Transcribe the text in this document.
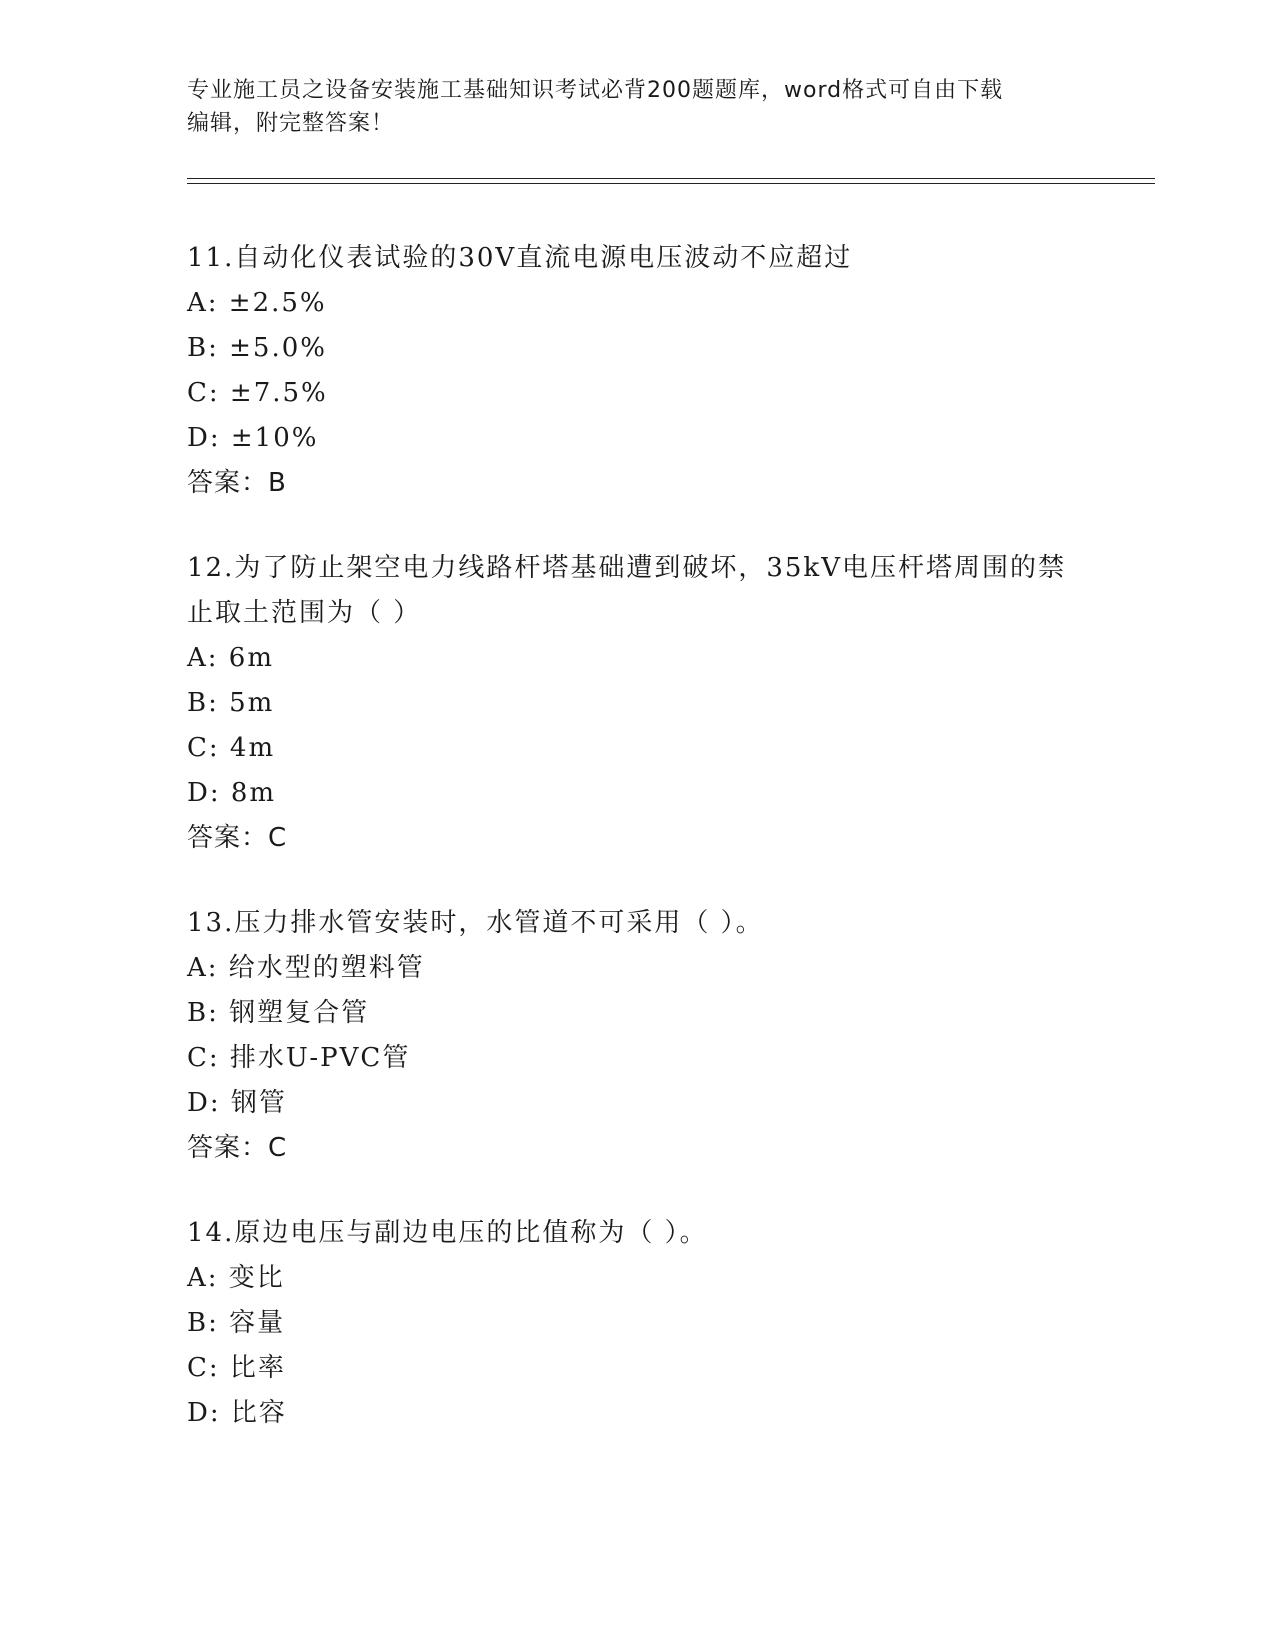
专业施工员之设备安装施工基础知识考试必背200题题库，word格式可自由下载
编辑，附完整答案！
11.自动化仪表试验的30V直流电源电压波动不应超过
A: ±2.5%
B: ±5.0%
C: ±7.5%
D: ±10%
答案：B
12.为了防止架空电力线路杆塔基础遭到破坏，35kV电压杆塔周围的禁止取土范围为（ ）
A: 6m
B: 5m
C: 4m
D: 8m
答案：C
13.压力排水管安装时，水管道不可采用（ ）。
A: 给水型的塑料管
B: 钢塑复合管
C: 排水U-PVC管
D: 钢管
答案：C
14.原边电压与副边电压的比值称为（ ）。
A: 变比
B: 容量
C: 比率
D: 比容
